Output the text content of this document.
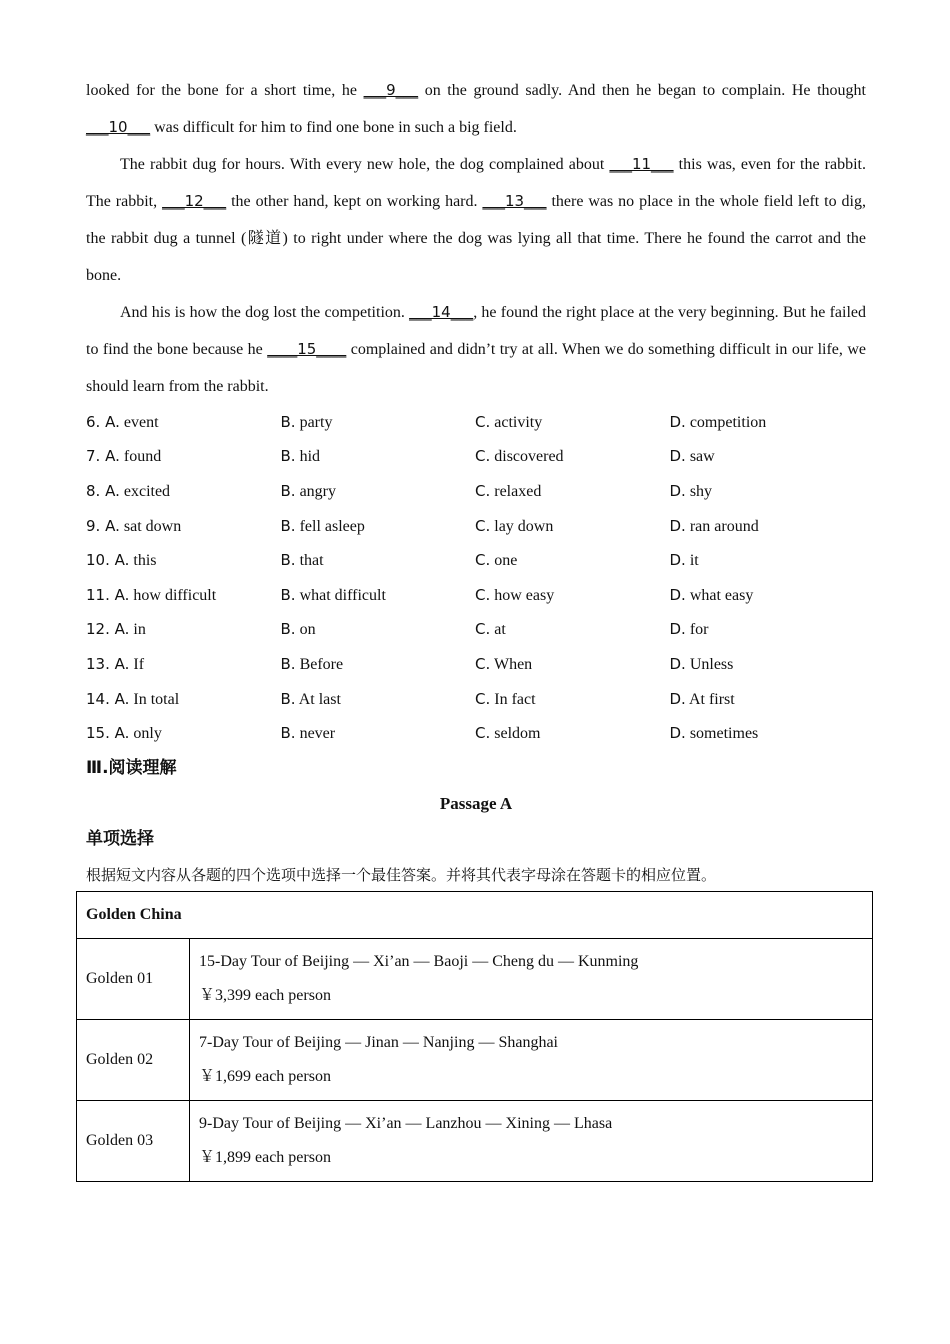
looked for the bone for a short time, he ___9___ on the ground sadly. And then he began to complain. He thought ___10___ was difficult for him to find one bone in such a big field.

The rabbit dug for hours. With every new hole, the dog complained about ___11___ this was, even for the rabbit. The rabbit, ___12___ the other hand, kept on working hard. ___13___ there was no place in the whole field left to dig, the rabbit dug a tunnel (隧道) to right under where the dog was lying all that time. There he found the carrot and the bone.

And his is how the dog lost the competition. ___14___, he found the right place at the very beginning. But he failed to find the bone because he ____15____ complained and didn’t try at all. When we do something difficult in our life, we should learn from the rabbit.

6. A. event	B. party	C. activity	D. competition
7. A. found	B. hid	C. discovered	D. saw
8. A. excited	B. angry	C. relaxed	D. shy
9. A. sat down	B. fell asleep	C. lay down	D. ran around
10. A. this	B. that	C. one	D. it
11. A. how difficult	B. what difficult	C. how easy	D. what easy
12. A. in	B. on	C. at	D. for
13. A. If	B. Before	C. When	D. Unless
14. A. In total	B. At last	C. In fact	D. At first
15. A. only	B. never	C. seldom	D. sometimes
Ⅲ.阅读理解
Passage A
单项选择
根据短文内容从各题的四个选项中选择一个最佳答案。并将其代表字母涂在答题卡的相应位置。
Golden China	
Golden 01	15-Day Tour of Beijing — Xi’an — Baoji — Cheng du — Kunming
￥3,399 each person

Golden 02	7-Day Tour of Beijing — Jinan — Nanjing — Shanghai
￥1,699 each person

Golden 03	9-Day Tour of Beijing — Xi’an — Lanzhou — Xining — Lhasa
￥1,899 each person
